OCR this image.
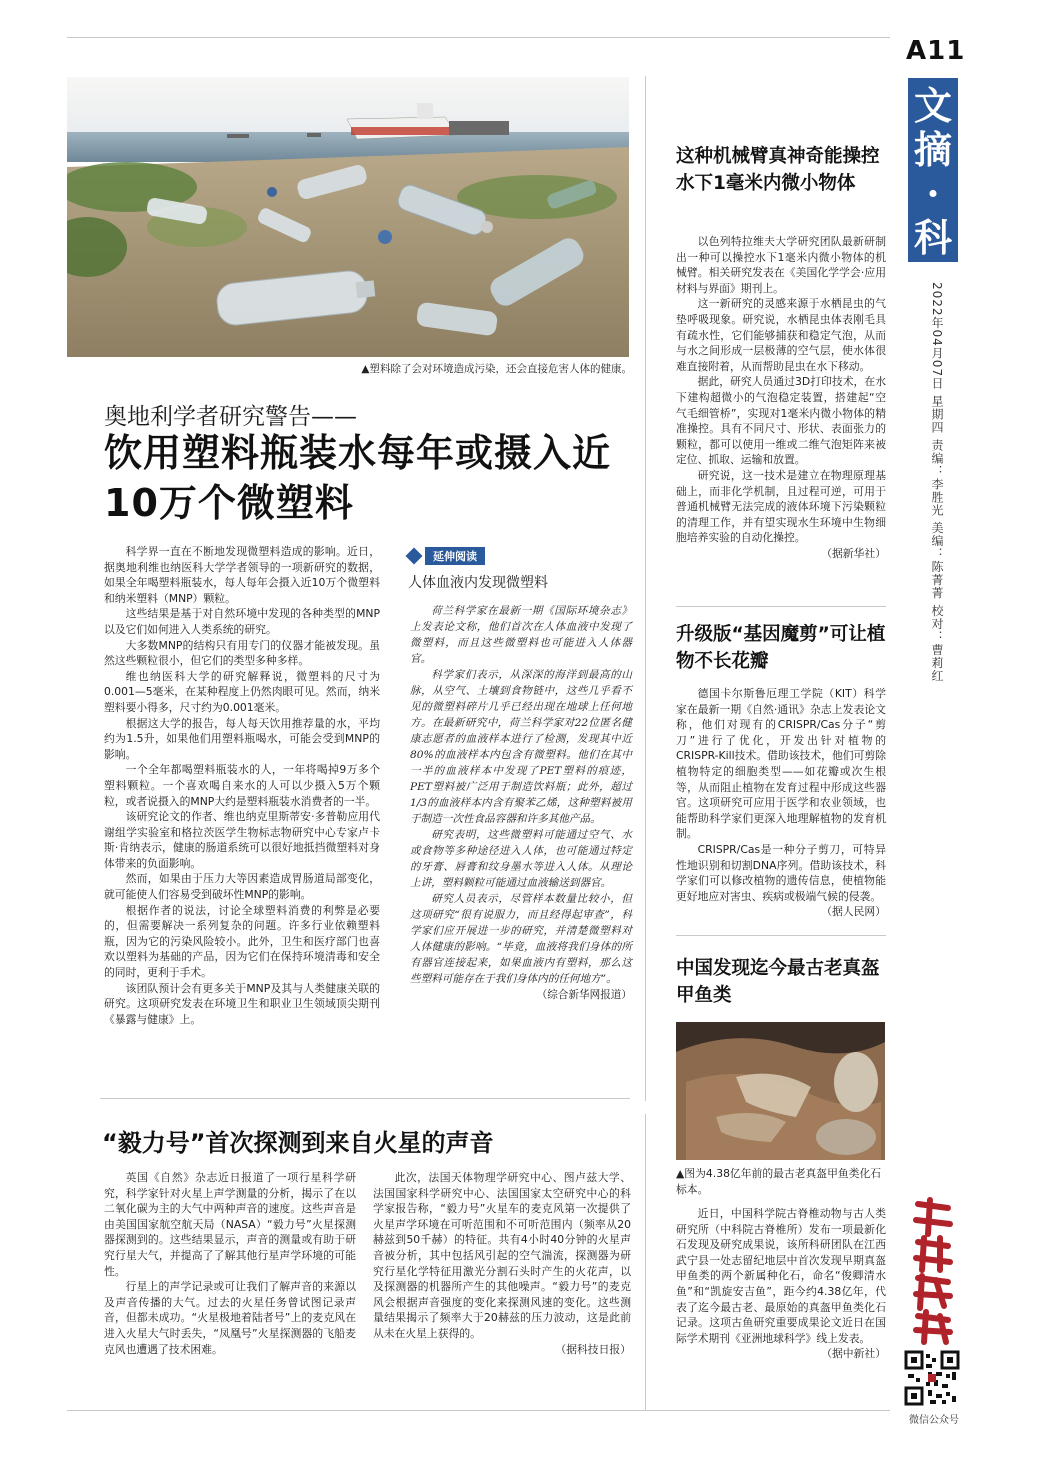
A11
文摘·科技
2022年04月07日 星期四 责编：李胜光 美编：陈菁菁 校对：曹莉红
▲塑料除了会对环境造成污染，还会直接危害人体的健康。
奥地利学者研究警告——
饮用塑料瓶装水每年或摄入近10万个微塑料

科学界一直在不断地发现微塑料造成的影响。近日，据奥地利维也纳医科大学学者领导的一项新研究的数据，如果全年喝塑料瓶装水，每人每年会摄入近10万个微塑料和纳米塑料（MNP）颗粒。

这些结果是基于对自然环境中发现的各种类型的MNP以及它们如何进入人类系统的研究。

大多数MNP的结构只有用专门的仪器才能被发现。虽然这些颗粒很小，但它们的类型多种多样。

维也纳医科大学的研究解释说，微塑料的尺寸为0.001—5毫米，在某种程度上仍然肉眼可见。然而，纳米塑料要小得多，尺寸约为0.001毫米。

根据这大学的报告，每人每天饮用推荐量的水，平均约为1.5升，如果他们用塑料瓶喝水，可能会受到MNP的影响。

一个全年都喝塑料瓶装水的人，一年将喝掉9万多个塑料颗粒。一个喜欢喝自来水的人可以少摄入5万个颗粒，或者说摄入的MNP大约是塑料瓶装水消费者的一半。

该研究论文的作者、维也纳克里斯蒂安·多普勒应用代谢组学实验室和格拉茨医学生物标志物研究中心专家卢卡斯·肯纳表示，健康的肠道系统可以很好地抵挡微塑料对身体带来的负面影响。

然而，如果由于压力大等因素造成胃肠道局部变化，就可能使人们容易受到破坏性MNP的影响。

根据作者的说法，讨论全球塑料消费的利弊是必要的，但需要解决一系列复杂的问题。许多行业依赖塑料瓶，因为它的污染风险较小。此外，卫生和医疗部门也喜欢以塑料为基础的产品，因为它们在保持环境清毒和安全的同时，更利于手术。

该团队预计会有更多关于MNP及其与人类健康关联的研究。这项研究发表在环境卫生和职业卫生领域顶尖期刊《暴露与健康》上。

延伸阅读
人体血液内发现微塑料

荷兰科学家在最新一期《国际环境杂志》上发表论文称，他们首次在人体血液中发现了微塑料，而且这些微塑料也可能进入人体器官。

科学家们表示，从深深的海洋到最高的山脉，从空气、土壤到食物链中，这些几乎看不见的微塑料碎片几乎已经出现在地球上任何地方。在最新研究中，荷兰科学家对22位匿名健康志愿者的血液样本进行了检测，发现其中近80%的血液样本内包含有微塑料。他们在其中一半的血液样本中发现了PET塑料的痕迹，PET塑料被广泛用于制造饮料瓶；此外，超过1/3的血液样本内含有聚苯乙烯，这种塑料被用于制造一次性食品容器和许多其他产品。

研究表明，这些微塑料可能通过空气、水或食物等多种途径进入人体，也可能通过特定的牙膏、唇膏和纹身墨水等进入人体。从理论上讲，塑料颗粒可能通过血液输送到器官。

研究人员表示，尽管样本数量比较小，但这项研究“很有说服力，而且经得起审查”，科学家们应开展进一步的研究，并清楚微塑料对人体健康的影响。“毕竟，血液将我们身体的所有器官连接起来，如果血液内有塑料，那么这些塑料可能存在于我们身体内的任何地方”。

（综合新华网报道）

“毅力号”首次探测到来自火星的声音

英国《自然》杂志近日报道了一项行星科学研究，科学家针对火星上声学测量的分析，揭示了在以二氧化碳为主的大气中两种声音的速度。这些声音是由美国国家航空航天局（NASA）“毅力号”火星探测器探测到的。这些结果显示，声音的测量或有助于研究行星大气，并提高了了解其他行星声学环境的可能性。

行星上的声学记录或可让我们了解声音的来源以及声音传播的大气。过去的火星任务曾试图记录声音，但都未成功。“火星极地着陆者号”上的麦克风在进入火星大气时丢失，“凤凰号”火星探测器的飞船麦克风也遭遇了技术困难。

此次，法国天体物理学研究中心、图卢兹大学、法国国家科学研究中心、法国国家太空研究中心的科学家报告称，“毅力号”火星车的麦克风第一次提供了火星声学环境在可听范围和不可听范围内（频率从20赫兹到50千赫）的特征。共有4小时40分钟的火星声音被分析，其中包括风引起的空气湍流，探测器为研究行星化学特征用激光分割石头时产生的火花声，以及探测器的机器所产生的其他噪声。“毅力号”的麦克风会根据声音强度的变化来探测风速的变化。这些测量结果揭示了频率大于20赫兹的压力波动，这是此前从未在火星上获得的。

（据科技日报）

这种机械臂真神奇能操控水下1毫米内微小物体

以色列特拉维夫大学研究团队最新研制出一种可以操控水下1毫米内微小物体的机械臂。相关研究发表在《美国化学学会·应用材料与界面》期刊上。

这一新研究的灵感来源于水栖昆虫的气垫呼吸现象。研究说，水栖昆虫体表刚毛具有疏水性，它们能够捕获和稳定气泡，从而与水之间形成一层极薄的空气层，使水体很难直接附着，从而帮助昆虫在水下移动。

据此，研究人员通过3D打印技术，在水下建构超微小的气泡稳定装置，搭建起“空气毛细管桥”，实现对1毫米内微小物体的精准操控。具有不同尺寸、形状、表面张力的颗粒，都可以使用一维或二维气泡矩阵来被定位、抓取、运输和放置。

研究说，这一技术是建立在物理原理基础上，而非化学机制，且过程可逆，可用于普通机械臂无法完成的液体环境下污染颗粒的清理工作，并有望实现水生环境中生物细胞培养实验的自动化操控。

（据新华社）

升级版“基因魔剪”可让植物不长花瓣

德国卡尔斯鲁厄理工学院（KIT）科学家在最新一期《自然·通讯》杂志上发表论文称，他们对现有的CRISPR/Cas分子“剪刀”进行了优化，开发出针对植物的CRISPR-Kill技术。借助该技术，他们可剪除植物特定的细胞类型——如花瓣或次生根等，从而阻止植物在发育过程中形成这些器官。这项研究可应用于医学和农业领域，也能帮助科学家们更深入地理解植物的发育机制。

CRISPR/Cas是一种分子剪刀，可特异性地识别和切割DNA序列。借助该技术，科学家们可以修改植物的遗传信息，使植物能更好地应对害虫、疾病或极端气候的侵袭。

（据人民网）

中国发现迄今最古老真盔甲鱼类
▲图为4.38亿年前的最古老真盔甲鱼类化石标本。

近日，中国科学院古脊椎动物与古人类研究所（中科院古脊椎所）发布一项最新化石发现及研究成果说，该所科研团队在江西武宁县一处志留纪地层中首次发现早期真盔甲鱼类的两个新属种化石，命名“俊卿清水鱼”和“凯旋安吉鱼”，距今约4.38亿年，代表了迄今最古老、最原始的真盔甲鱼类化石记录。这项古鱼研究重要成果论文近日在国际学术期刊《亚洲地球科学》线上发表。

（据中新社）

微信公众号
